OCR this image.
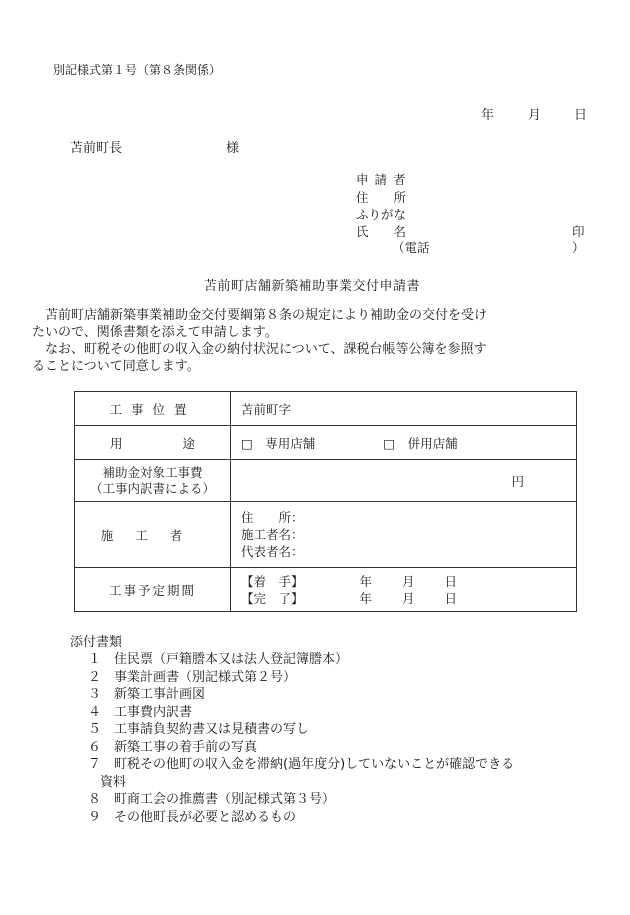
別記様式第１号（第８条関係）
年	月	日
苫前町長	様
申請者
住　　所
ふりがな
氏　　名	印
（電話	）
苫前町店舗新築補助事業交付申請書
苫前町店舗新築事業補助金交付要綱第８条の規定により補助金の交付を受け
たいので、関係書類を添えて申請します。
なお、町税その他町の収入金の納付状況について、課税台帳等公簿を参照す
ることについて同意します。
工事位置	苫前町字
用途	□　専用店舗 □　併用店舗

補助金対象工事費
（工事内訳書による）	円

施工者	住　　所：
施工者名：
代表者名：

工事予定期間	【着　手】 年 月 日
【完　了】 年 月 日
添付書類
１ 住民票（戸籍謄本又は法人登記簿謄本）
２ 事業計画書（別記様式第２号）
３ 新築工事計画図
４ 工事費内訳書
５ 工事請負契約書又は見積書の写し
６ 新築工事の着手前の写真
７ 町税その他町の収入金を滞納(過年度分)していないことが確認できる
資料
８ 町商工会の推薦書（別記様式第３号）
９ その他町長が必要と認めるもの
